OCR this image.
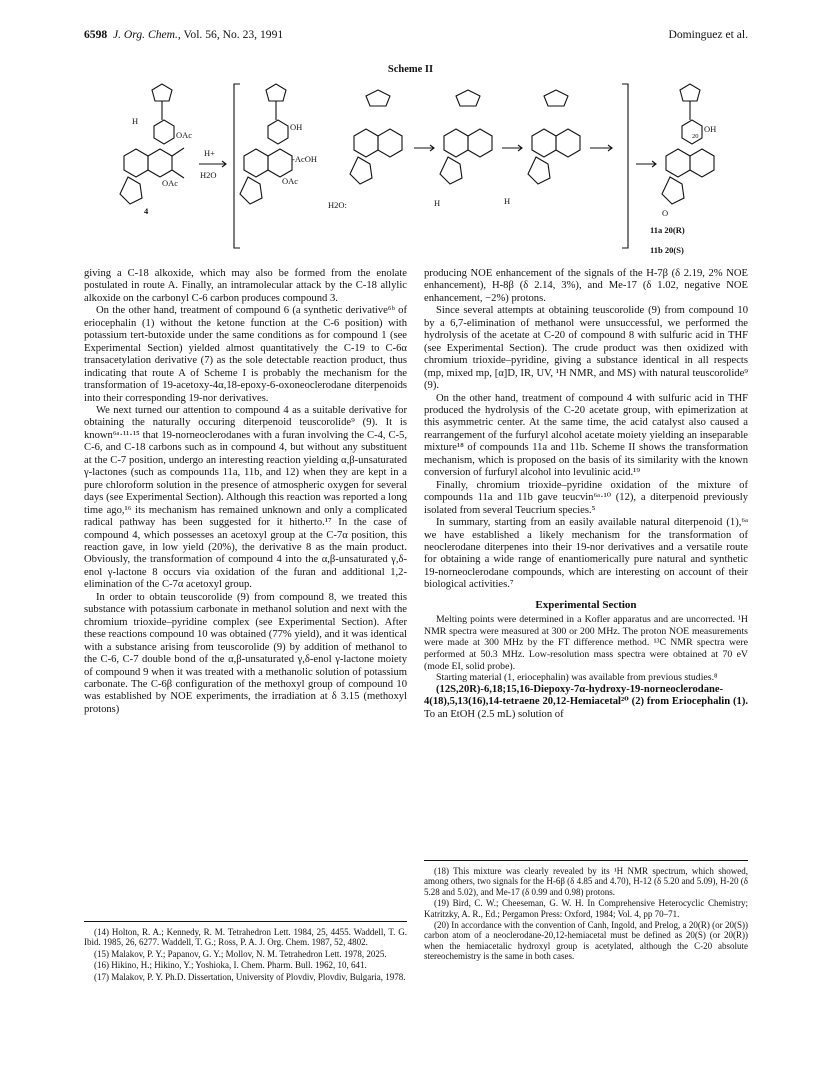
6598 J. Org. Chem., Vol. 56, No. 23, 1991	Dominguez et al.
Scheme II
H
OAc
OAc
4
H+
H2O
OH
-AcOH
OAc
H2O:	H	H
OH
20
O
11a 20(R)
11b 20(S)

giving a C-18 alkoxide, which may also be formed from the enolate postulated in route A. Finally, an intramolecular attack by the C-18 allylic alkoxide on the carbonyl C-6 carbon produces compound 3.

On the other hand, treatment of compound 6 (a synthetic derivative⁶ᵇ of eriocephalin (1) without the ketone function at the C-6 position) with potassium tert-butoxide under the same conditions as for compound 1 (see Experimental Section) yielded almost quantitatively the C-19 to C-6α transacetylation derivative (7) as the sole detectable reaction product, thus indicating that route A of Scheme I is probably the mechanism for the transformation of 19-acetoxy-4α,18-epoxy-6-oxoneoclerodane diterpenoids into their corresponding 19-nor derivatives.

We next turned our attention to compound 4 as a suitable derivative for obtaining the naturally occuring diterpenoid teuscorolide⁹ (9). It is known⁶ᵃ·¹¹·¹⁵ that 19-norneoclerodanes with a furan involving the C-4, C-5, C-6, and C-18 carbons such as in compound 4, but without any substituent at the C-7 position, undergo an interesting reaction yielding α,β-unsaturated γ-lactones (such as compounds 11a, 11b, and 12) when they are kept in a pure chloroform solution in the presence of atmospheric oxygen for several days (see Experimental Section). Although this reaction was reported a long time ago,¹⁶ its mechanism has remained unknown and only a complicated radical pathway has been suggested for it hitherto.¹⁷ In the case of compound 4, which possesses an acetoxyl group at the C-7α position, this reaction gave, in low yield (20%), the derivative 8 as the main product. Obviously, the transformation of compound 4 into the α,β-unsaturated γ,δ-enol γ-lactone 8 occurs via oxidation of the furan and additional 1,2-elimination of the C-7α acetoxyl group.

In order to obtain teuscorolide (9) from compound 8, we treated this substance with potassium carbonate in methanol solution and next with the chromium trioxide–pyridine complex (see Experimental Section). After these reactions compound 10 was obtained (77% yield), and it was identical with a substance arising from teuscorolide (9) by addition of methanol to the C-6, C-7 double bond of the α,β-unsaturated γ,δ-enol γ-lactone moiety of compound 9 when it was treated with a methanolic solution of potassium carbonate. The C-6β configuration of the methoxyl group of compound 10 was established by NOE experiments, the irradiation at δ 3.15 (methoxyl protons)

producing NOE enhancement of the signals of the H-7β (δ 2.19, 2% NOE enhancement), H-8β (δ 2.14, 3%), and Me-17 (δ 1.02, negative NOE enhancement, −2%) protons.

Since several attempts at obtaining teuscorolide (9) from compound 10 by a 6,7-elimination of methanol were unsuccessful, we performed the hydrolysis of the acetate at C-20 of compound 8 with sulfuric acid in THF (see Experimental Section). The crude product was then oxidized with chromium trioxide–pyridine, giving a substance identical in all respects (mp, mixed mp, [α]D, IR, UV, ¹H NMR, and MS) with natural teuscorolide⁹ (9).

On the other hand, treatment of compound 4 with sulfuric acid in THF produced the hydrolysis of the C-20 acetate group, with epimerization at this asymmetric center. At the same time, the acid catalyst also caused a rearrangement of the furfuryl alcohol acetate moiety yielding an inseparable mixture¹⁸ of compounds 11a and 11b. Scheme II shows the transformation mechanism, which is proposed on the basis of its similarity with the known conversion of furfuryl alcohol into levulinic acid.¹⁹

Finally, chromium trioxide–pyridine oxidation of the mixture of compounds 11a and 11b gave teucvin⁶ᵃ·¹⁰ (12), a diterpenoid previously isolated from several Teucrium species.⁵

In summary, starting from an easily available natural diterpenoid (1),⁶ᵃ we have established a likely mechanism for the transformation of neoclerodane diterpenes into their 19-nor derivatives and a versatile route for obtaining a wide range of enantiomerically pure natural and synthetic 19-norneoclerodane compounds, which are interesting on account of their biological activities.⁷

Experimental Section

Melting points were determined in a Kofler apparatus and are uncorrected. ¹H NMR spectra were measured at 300 or 200 MHz. The proton NOE measurements were made at 300 MHz by the FT difference method. ¹³C NMR spectra were performed at 50.3 MHz. Low-resolution mass spectra were obtained at 70 eV (mode EI, solid probe).

Starting material (1, eriocephalin) was available from previous studies.⁸

(12S,20R)-6,18;15,16-Diepoxy-7α-hydroxy-19-norneoclerodane-4(18),5,13(16),14-tetraene 20,12-Hemiacetal²⁰ (2) from Eriocephalin (1). To an EtOH (2.5 mL) solution of

(14) Holton, R. A.; Kennedy, R. M. Tetrahedron Lett. 1984, 25, 4455. Waddell, T. G. Ibid. 1985, 26, 6277. Waddell, T. G.; Ross, P. A. J. Org. Chem. 1987, 52, 4802.

(15) Malakov, P. Y.; Papanov, G. Y.; Mollov, N. M. Tetrahedron Lett. 1978, 2025.

(16) Hikino, H.; Hikino, Y.; Yoshioka, I. Chem. Pharm. Bull. 1962, 10, 641.

(17) Malakov, P. Y. Ph.D. Dissertation, University of Plovdiv, Plovdiv, Bulgaria, 1978.

(18) This mixture was clearly revealed by its ¹H NMR spectrum, which showed, among others, two signals for the H-6β (δ 4.85 and 4.70), H-12 (δ 5.20 and 5.09), H-20 (δ 5.28 and 5.02), and Me-17 (δ 0.99 and 0.98) protons.

(19) Bird, C. W.; Cheeseman, G. W. H. In Comprehensive Heterocyclic Chemistry; Katritzky, A. R., Ed.; Pergamon Press: Oxford, 1984; Vol. 4, pp 70–71.

(20) In accordance with the convention of Canh, Ingold, and Prelog, a 20(R) (or 20(S)) carbon atom of a neoclerodane-20,12-hemiacetal must be defined as 20(S) (or 20(R)) when the hemiacetalic hydroxyl group is acetylated, although the C-20 absolute stereochemistry is the same in both cases.
